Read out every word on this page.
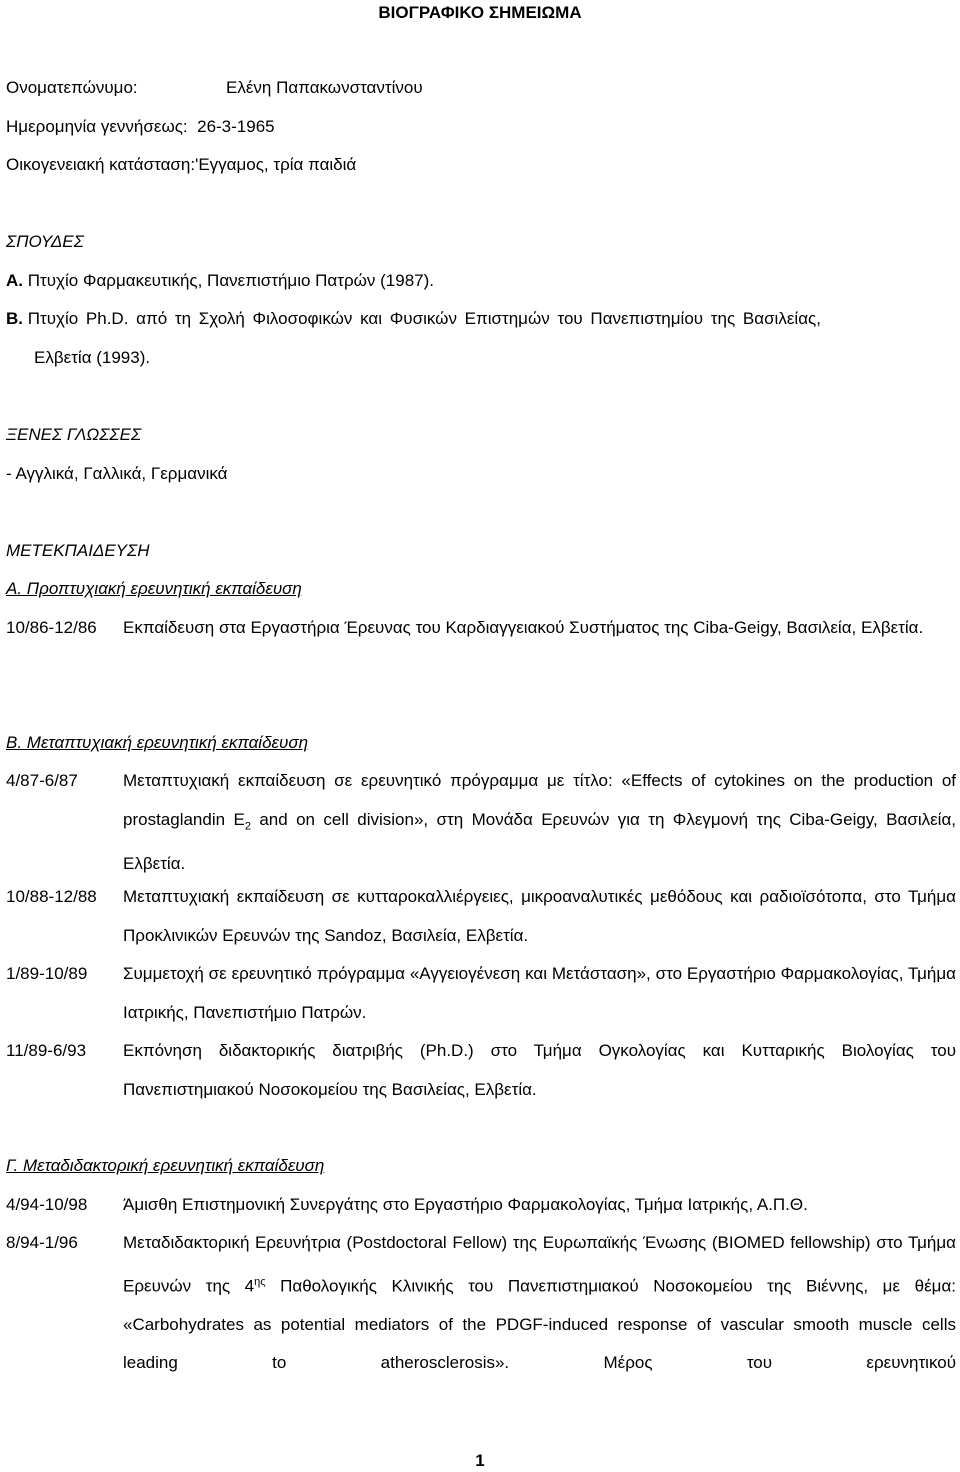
ΒΙΟΓΡΑΦΙΚΟ ΣΗΜΕΙΩΜΑ
Ονοματεπώνυμο:	Ελένη Παπακωνσταντίνου
Ημερομηνία γεννήσεως: 26-3-1965
Οικογενειακή κατάσταση:'Εγγαμος, τρία παιδιά
ΣΠΟΥΔΕΣ
Α. Πτυχίο Φαρμακευτικής, Πανεπιστήμιο Πατρών (1987).
Β. Πτυχίο Ph.D. από τη Σχολή Φιλοσοφικών και Φυσικών Επιστημών του Πανεπιστημίου της Βασιλείας,
Ελβετία (1993).
ΞΕΝΕΣ ΓΛΩΣΣΕΣ
- Αγγλικά, Γαλλικά, Γερμανικά
ΜΕΤΕΚΠΑΙΔΕΥΣΗ
Α. Προπτυχιακή ερευνητική εκπαίδευση
10/86-12/86 Εκπαίδευση στα Εργαστήρια Έρευνας του Καρδιαγγειακού Συστήματος της Ciba-Geigy, Βασιλεία, Ελβετία.
Β. Μεταπτυχιακή ερευνητική εκπαίδευση
4/87-6/87	Μεταπτυχιακή εκπαίδευση σε ερευνητικό πρόγραμμα με τίτλο: «Effects of cytokines on the production of prostaglandin $E_2$ and on cell division», στη Μονάδα Ερευνών για τη Φλεγμονή της Ciba-Geigy, Βασιλεία, Ελβετία.
10/88-12/88 Μεταπτυχιακή εκπαίδευση σε κυτταροκαλλιέργειες, μικροαναλυτικές μεθόδους και ραδιοϊσότοπα, στο Τμήμα Προκλινικών Ερευνών της Sandoz, Βασιλεία, Ελβετία.
1/89-10/89 Συμμετοχή σε ερευνητικό πρόγραμμα «Αγγειογένεση και Μετάσταση», στο Εργαστήριο Φαρμακολογίας, Τμήμα Ιατρικής, Πανεπιστήμιο Πατρών.
11/89-6/93 Εκπόνηση διδακτορικής διατριβής (Ph.D.) στο Τμήμα Ογκολογίας και Κυτταρικής Βιολογίας του Πανεπιστημιακού Νοσοκομείου της Βασιλείας, Ελβετία.
Γ. Μεταδιδακτορική ερευνητική εκπαίδευση
4/94-10/98 Άμισθη Επιστημονική Συνεργάτης στο Εργαστήριο Φαρμακολογίας, Τμήμα Ιατρικής, Α.Π.Θ.
8/94-1/96	Μεταδιδακτορική Ερευνήτρια (Postdoctoral Fellow) της Ευρωπαϊκής Ένωσης (BIOMED fellowship) στο Τμήμα Ερευνών της $4^{\eta\varsigma}$ Παθολογικής Κλινικής του Πανεπιστημιακού Νοσοκομείου της Βιέννης, με θέμα: «Carbohydrates as potential mediators of the PDGF-induced response of vascular smooth muscle cells leading to atherosclerosis». Μέρος του ερευνητικού
1
